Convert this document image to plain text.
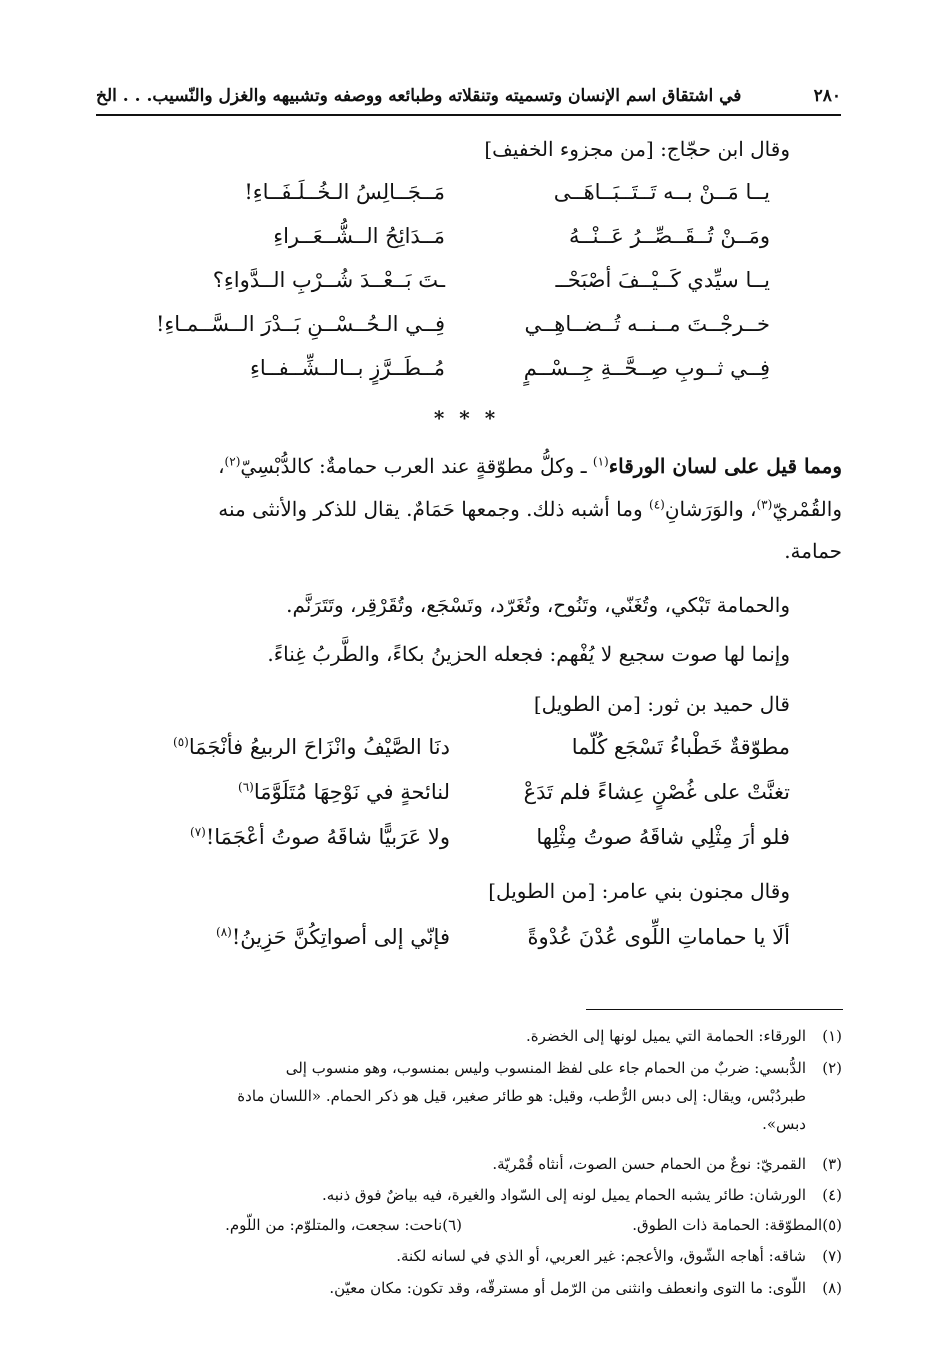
٢٨٠
في اشتقاق اسم الإنسان وتسميته وتنقلاته وطبائعه ووصفه وتشبيهه والغزل والنّسيب. . . الخ
وقال ابن حجّاج: [من مجزوء الخفيف]
يــا مَــنْ بــه تَــتَــبَــاهَــى
مَــجَــالِسُ الـخُــلَـفَــاءِ!
ومَــنْ تُــقَــصِّــرُ عَــنْــهُ
مَــدَائِحُ الــشُّــعَــراءِ
يــا سيِّدي كَــيْــفَ أصْبَحْــ
ـتَ بَــعْــدَ شُــرْبِ الــدَّواءِ؟
خــرجْــتَ مــنــه تُــضــاهِــي
فِــي الـحُــسْــنِ بَــدْرَ الــسَّــمـاءِ!
فِــي ثــوبِ صِــحَّــةِ جِــسْــمٍ
مُــطَــرَّزٍ بــالــشِّــفــاءِ
* * *
ومما قيل على لسان الورقاء$^{(١)}$ ـ وكلُّ مطوّقةٍ عند العرب حمامةٌ: كالدُّبْسِيّ$^{(٢)}$،
والقُمْريّ$^{(٣)}$، والوَرَشانِ$^{(٤)}$ وما أشبه ذلك. وجمعها حَمَامٌ. يقال للذكر والأنثى منه
حمامة.
والحمامة تَبْكي، وتُغَنّي، وتَنُوح، وتُغَرّد، وتَسْجَع، وتُقَرْقِر، وتَتَرَنَّم.
وإنما لها صوت سجيع لا يُفْهم: فجعله الحزينُ بكاءً، والطَّربُ غِناءً.
قال حميد بن ثور: [من الطويل]
مطوّقةٌ خَطْباءُ تَسْجَع كُلّما
دنَا الصَّيْفُ وانْزَاحَ الربيعُ فأنْجَمَا$^{(٥)}$
تغنَّتْ على غُصْنٍ عِشاءً فلم تَدَعْ
لنائحةٍ في نَوْحِهَا مُتَلَوَّمَا$^{(٦)}$
فلو أرَ مِثْلِي شاقَهُ صوتُ مِثْلِها
ولا عَرَبيًّا شاقَهُ صوتُ أعْجَمَا!$^{(٧)}$
وقال مجنون بني عامر: [من الطويل]
ألَا يا حماماتِ اللِّوى عُدْنَ عُدْوةً
فإنّي إلى أصواتِكُنَّ حَزِينُ!$^{(٨)}$
(١)الورقاء: الحمامة التي يميل لونها إلى الخضرة.
(٢)الدُّبسي: ضربٌ من الحمام جاء على لفظ المنسوب وليس بمنسوب، وهو منسوب إلى
طبردُبْس، ويقال: إلى دبس الرُّطب، وقيل: هو طائر صغير، قيل هو ذكر الحمام. «اللسان مادة
دبس».
(٣)القمريّ: نوعٌ من الحمام حسن الصوت، أنثاه قُمْريّة.
(٤)الورشان: طائر يشبه الحمام يميل لونه إلى السّواد والغيرة، فيه بياضٌ فوق ذنبه.
(٥)المطوّقة: الحمامة ذات الطوق.
(٦)ناحت: سجعت، والمتلوّم: من اللّوم.
(٧)شاقه: أهاجه الشّوق، والأعجم: غير العربي، أو الذي في لسانه لكنة.
(٨)اللّوى: ما التوى وانعطف وانثنى من الرّمل أو مسترقّه، وقد تكون: مكان معيّن.
